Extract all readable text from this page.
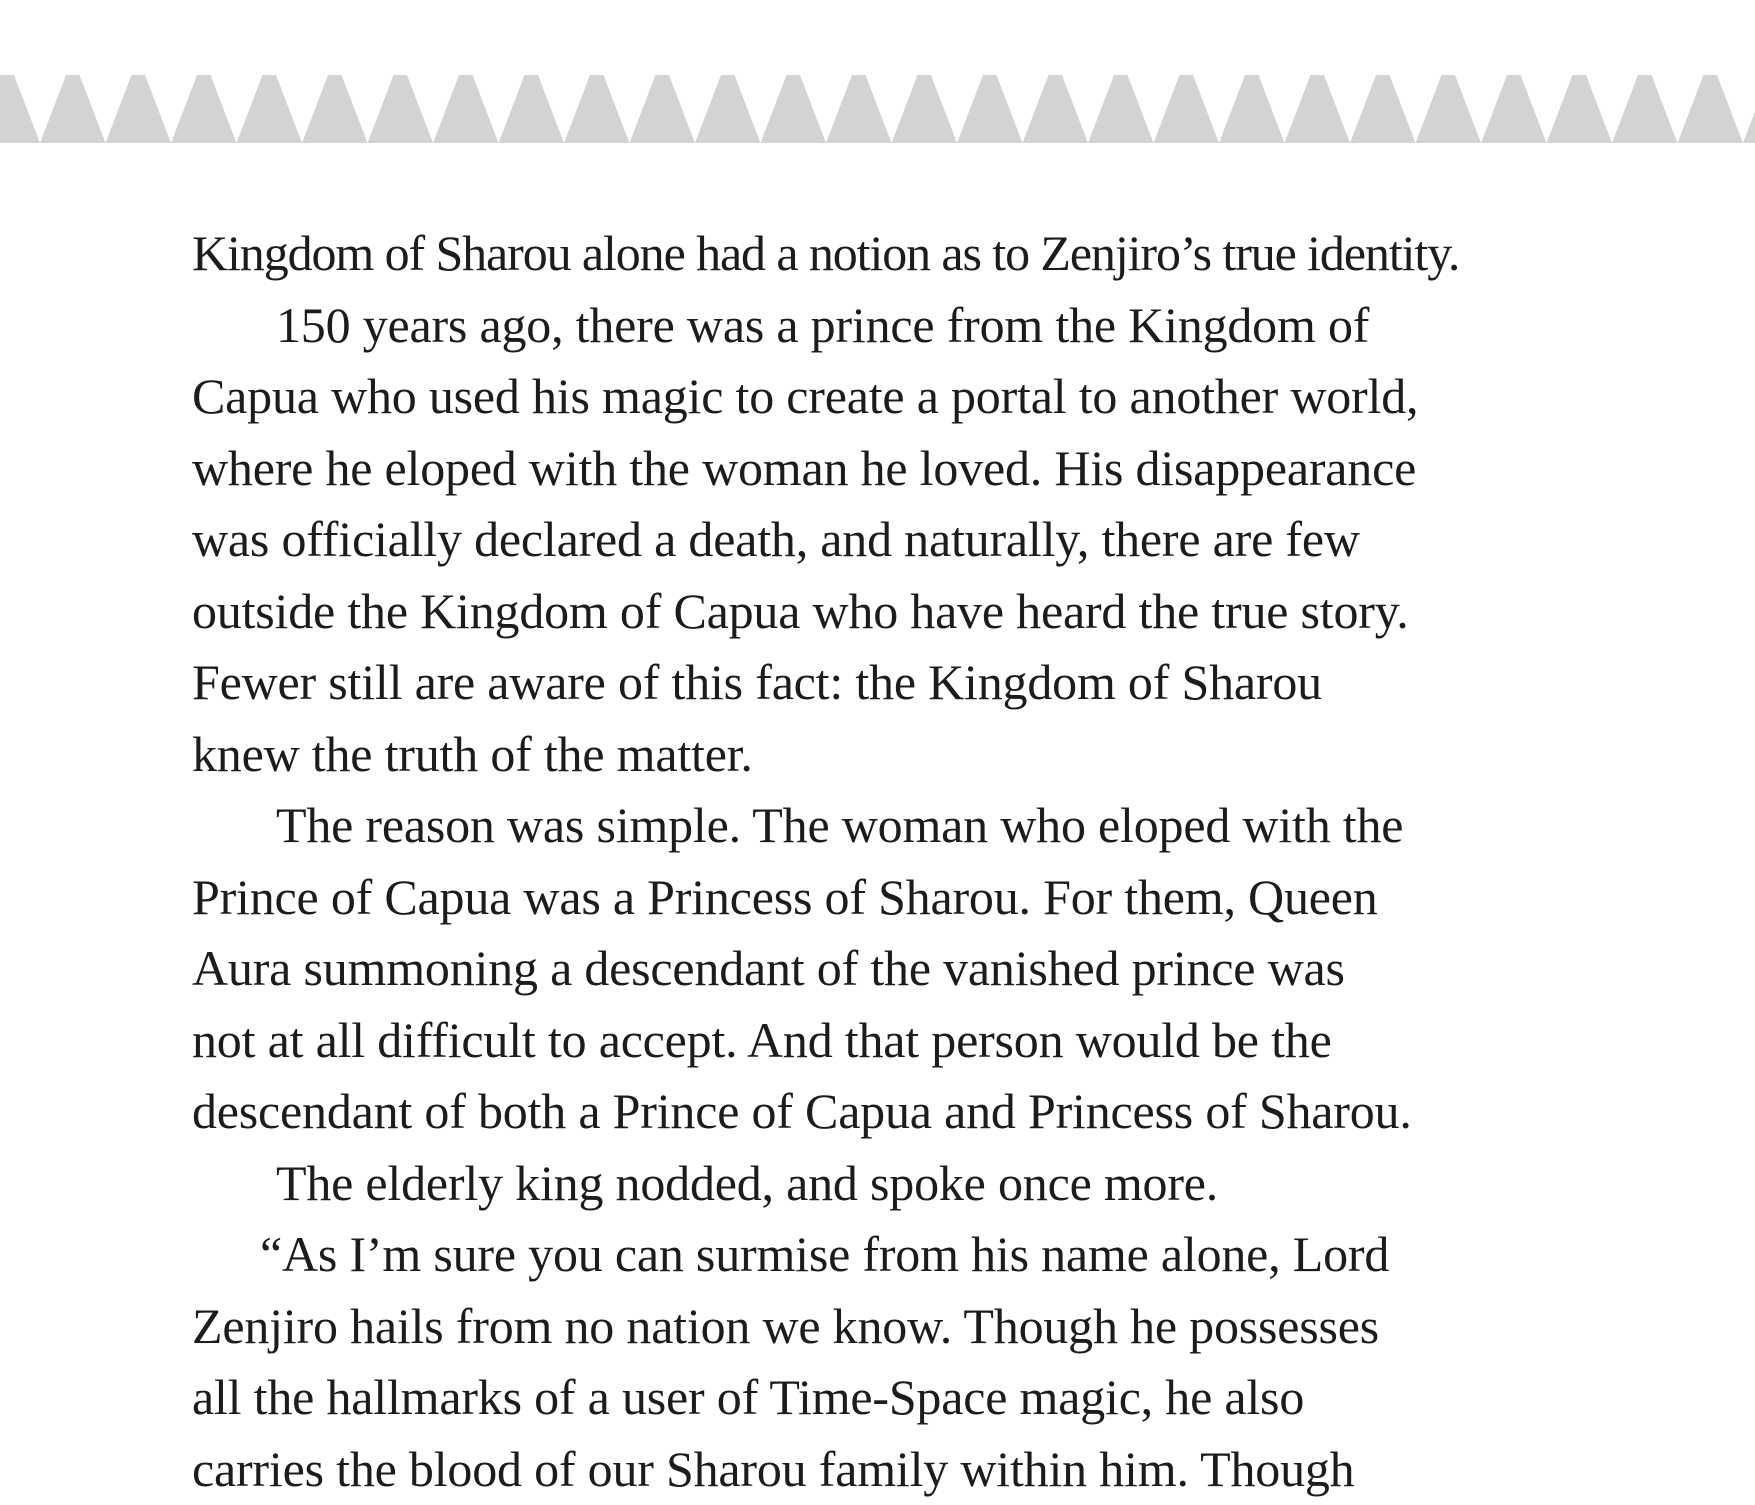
Kingdom of Sharou alone had a notion as to Zenjiro’s true identity.
150 years ago, there was a prince from the Kingdom of
Capua who used his magic to create a portal to another world,
where he eloped with the woman he loved. His disappearance
was officially declared a death, and naturally, there are few
outside the Kingdom of Capua who have heard the true story.
Fewer still are aware of this fact: the Kingdom of Sharou
knew the truth of the matter.
The reason was simple. The woman who eloped with the
Prince of Capua was a Princess of Sharou. For them, Queen
Aura summoning a descendant of the vanished prince was
not at all difficult to accept. And that person would be the
descendant of both a Prince of Capua and Princess of Sharou.
The elderly king nodded, and spoke once more.
“As I’m sure you can surmise from his name alone, Lord
Zenjiro hails from no nation we know. Though he possesses
all the hallmarks of a user of Time-Space magic, he also
carries the blood of our Sharou family within him. Though
